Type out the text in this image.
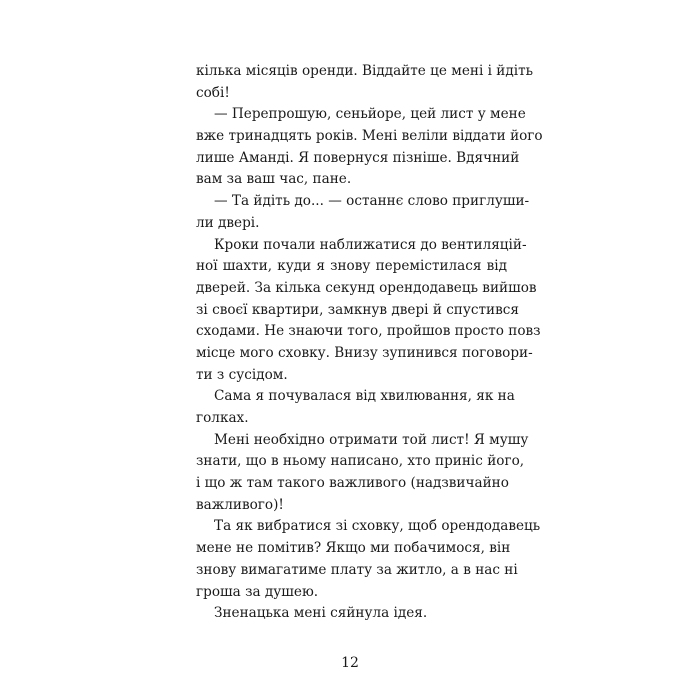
кілька місяців оренди. Віддайте це мені і йдіть
собі!
— Перепрошую, сеньйоре, цей лист у мене
вже тринадцять років. Мені веліли віддати його
лише Аманді. Я повернуся пізніше. Вдячний
вам за ваш час, пане.
— Та йдіть до... — останнє слово приглуши-
ли двері.
Кроки почали наближатися до вентиляцій-
ної шахти, куди я знову перемістилася від
дверей. За кілька секунд орендодавець вийшов
зі своєї квартири, замкнув двері й спустився
сходами. Не знаючи того, пройшов просто повз
місце мого сховку. Внизу зупинився поговори-
ти з сусідом.
Сама я почувалася від хвилювання, як на
голках.
Мені необхідно отримати той лист! Я мушу
знати, що в ньому написано, хто приніс його,
і що ж там такого важливого (надзвичайно
важливого)!
Та як вибратися зі сховку, щоб орендодавець
мене не помітив? Якщо ми побачимося, він
знову вимагатиме плату за житло, а в нас ні
гроша за душею.
Зненацька мені сяйнула ідея.
12
